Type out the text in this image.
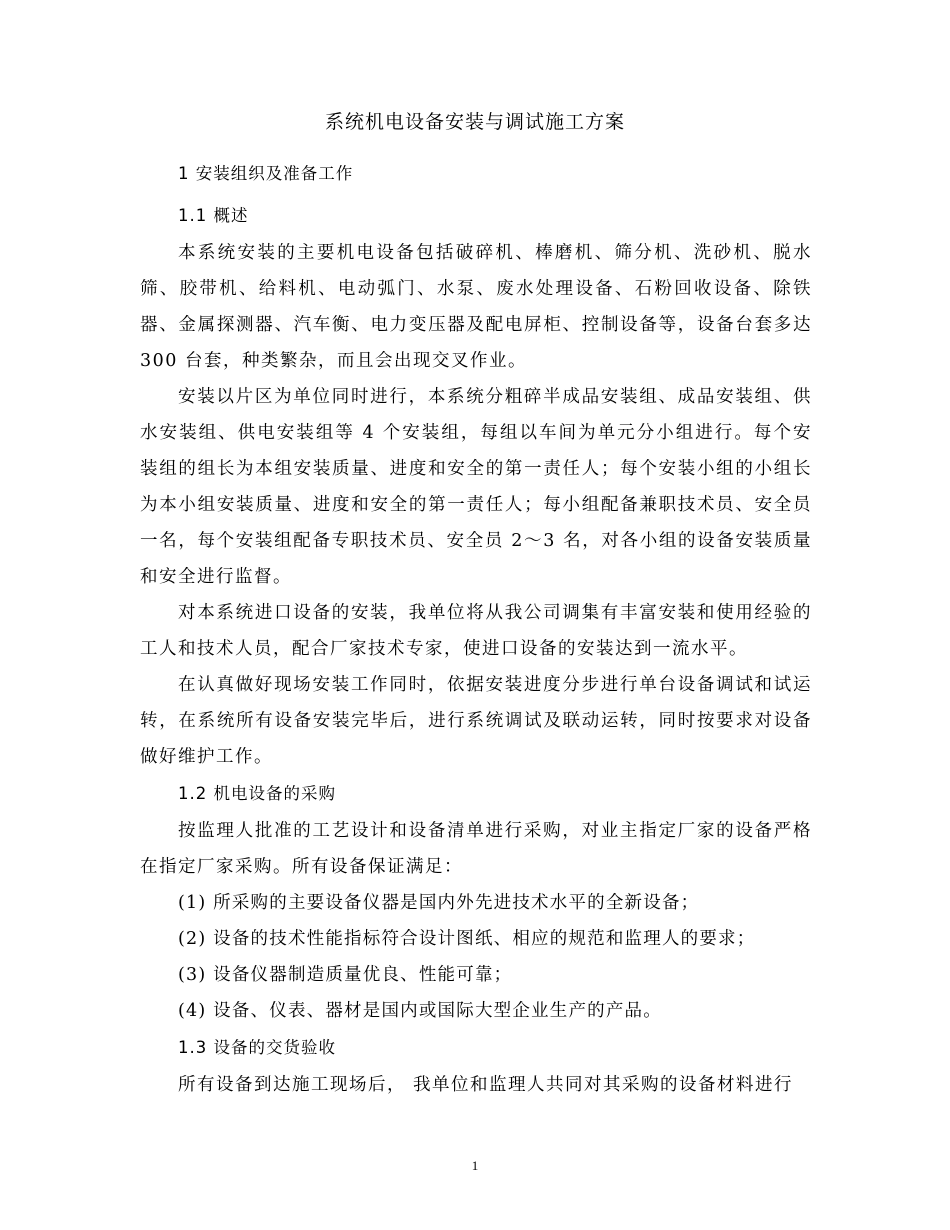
系统机电设备安装与调试施工方案
1 安装组织及准备工作
1.1 概述

本系统安装的主要机电设备包括破碎机、棒磨机、筛分机、洗砂机、脱水筛、胶带机、给料机、电动弧门、水泵、废水处理设备、石粉回收设备、除铁器、金属探测器、汽车衡、电力变压器及配电屏柜、控制设备等，设备台套多达 300 台套，种类繁杂，而且会出现交叉作业。

安装以片区为单位同时进行，本系统分粗碎半成品安装组、成品安装组、供水安装组、供电安装组等 4 个安装组，每组以车间为单元分小组进行。每个安装组的组长为本组安装质量、进度和安全的第一责任人；每个安装小组的小组长为本小组安装质量、进度和安全的第一责任人；每小组配备兼职技术员、安全员一名，每个安装组配备专职技术员、安全员 2～3 名，对各小组的设备安装质量和安全进行监督。

对本系统进口设备的安装，我单位将从我公司调集有丰富安装和使用经验的工人和技术人员，配合厂家技术专家，使进口设备的安装达到一流水平。

在认真做好现场安装工作同时，依据安装进度分步进行单台设备调试和试运转，在系统所有设备安装完毕后，进行系统调试及联动运转，同时按要求对设备做好维护工作。

1.2 机电设备的采购

按监理人批准的工艺设计和设备清单进行采购，对业主指定厂家的设备严格在指定厂家采购。所有设备保证满足：

(1) 所采购的主要设备仪器是国内外先进技术水平的全新设备；
(2) 设备的技术性能指标符合设计图纸、相应的规范和监理人的要求；
(3) 设备仪器制造质量优良、性能可靠；
(4) 设备、仪表、器材是国内或国际大型企业生产的产品。
1.3 设备的交货验收

所有设备到达施工现场后， 我单位和监理人共同对其采购的设备材料进行

1
